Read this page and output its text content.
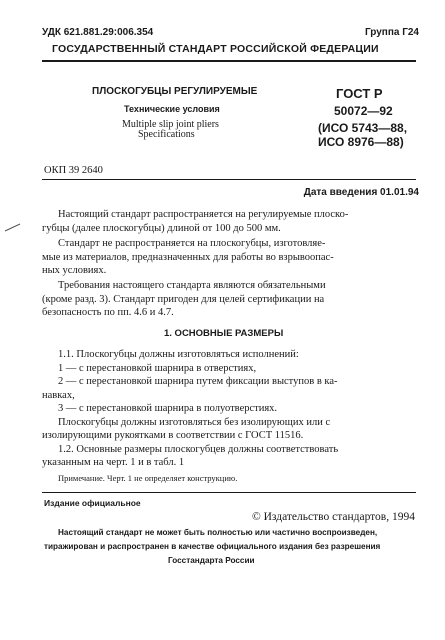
УДК 621.881.29:006.354	Группа Г24
ГОСУДАРСТВЕННЫЙ СТАНДАРТ РОССИЙСКОЙ ФЕДЕРАЦИИ
ПЛОСКОГУБЦЫ РЕГУЛИРУЕМЫЕ
Технические условия
Multiple slip joint pliers
Specifications
ГОСТ Р
50072—92
(ИСО 5743—88,
ИСО 8976—88)
ОКП 39 2640
Дата введения 01.01.94
Настоящий стандарт распространяется на регулируемые плоско-
губцы (далее плоскогубцы) длиной от 100 до 500 мм.
Стандарт не распространяется на плоскогубцы, изготовляе-
мые из материалов, предназначенных для работы во взрывоопас-
ных условиях.
Требования настоящего стандарта являются обязательными
(кроме разд. 3). Стандарт пригоден для целей сертификации на
безопасность по пп. 4.6 и 4.7.
1. ОСНОВНЫЕ РАЗМЕРЫ
1.1. Плоскогубцы должны изготовляться исполнений:
1 — с перестановкой шарнира в отверстиях,
2 — с перестановкой шарнира путем фиксации выступов в ка-
навках,
3 — с перестановкой шарнира в полуотверстиях.
Плоскогубцы должны изготовляться без изолирующих или с
изолирующими рукоятками в соответствии с ГОСТ 11516.
1.2. Основные размеры плоскогубцев должны соответствовать
указанным на черт. 1 и в табл. 1
Примечание. Черт. 1 не определяет конструкцию.
Издание официальное
© Издательство стандартов, 1994
Настоящий стандарт не может быть полностью или частично воспроизведен,
тиражирован и распространен в качестве официального издания без разрешения
Госстандарта России
